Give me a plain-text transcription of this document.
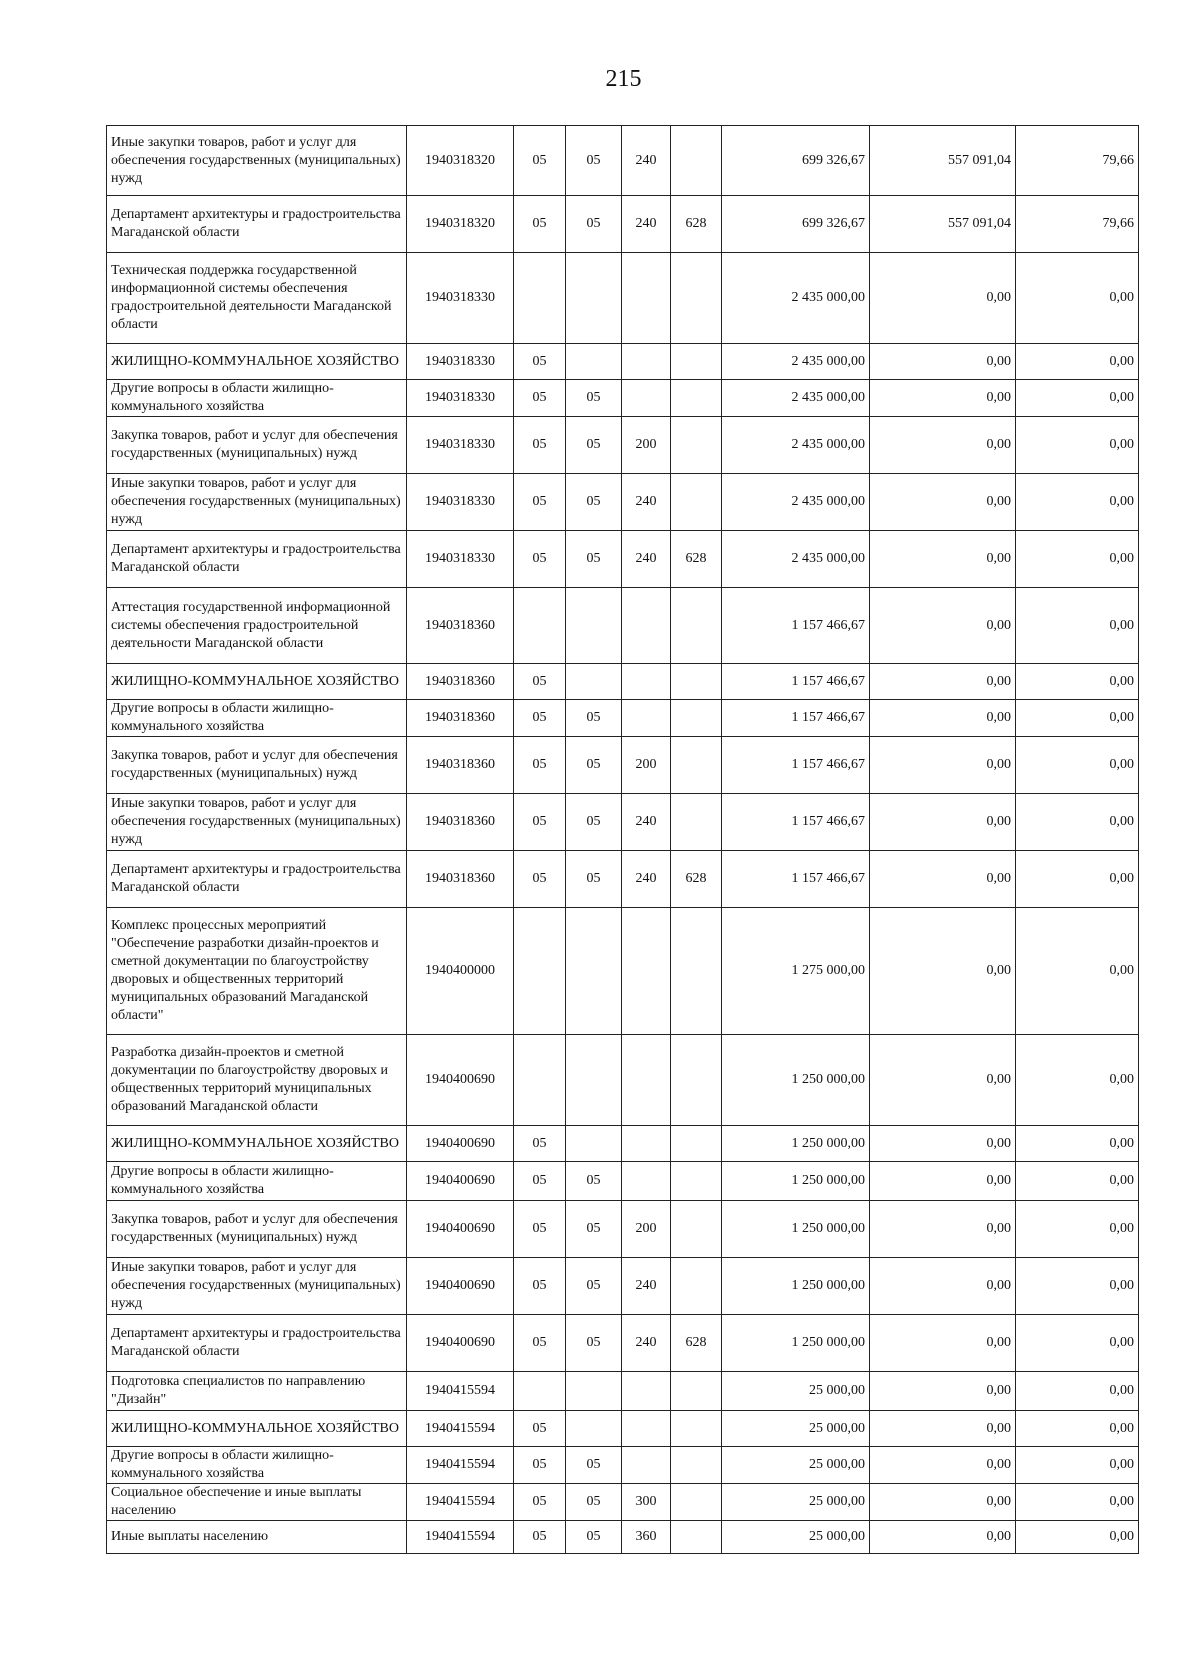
215
Иные закупки товаров, работ и услуг для обеспечения государственных (муниципальных) нужд	1940318320	05	05	240		699 326,67	557 091,04	79,66
Департамент архитектуры и градостроительства Магаданской области	1940318320	05	05	240	628	699 326,67	557 091,04	79,66
Техническая поддержка государственной информационной системы обеспечения градостроительной деятельности Магаданской области	1940318330					2 435 000,00	0,00	0,00
ЖИЛИЩНО-КОММУНАЛЬНОЕ ХОЗЯЙСТВО	1940318330	05				2 435 000,00	0,00	0,00
Другие вопросы в области жилищно-коммунального хозяйства	1940318330	05	05			2 435 000,00	0,00	0,00
Закупка товаров, работ и услуг для обеспечения государственных (муниципальных) нужд	1940318330	05	05	200		2 435 000,00	0,00	0,00
Иные закупки товаров, работ и услуг для обеспечения государственных (муниципальных) нужд	1940318330	05	05	240		2 435 000,00	0,00	0,00
Департамент архитектуры и градостроительства Магаданской области	1940318330	05	05	240	628	2 435 000,00	0,00	0,00
Аттестация государственной информационной системы обеспечения градостроительной деятельности Магаданской области	1940318360					1 157 466,67	0,00	0,00
ЖИЛИЩНО-КОММУНАЛЬНОЕ ХОЗЯЙСТВО	1940318360	05				1 157 466,67	0,00	0,00
Другие вопросы в области жилищно-коммунального хозяйства	1940318360	05	05			1 157 466,67	0,00	0,00
Закупка товаров, работ и услуг для обеспечения государственных (муниципальных) нужд	1940318360	05	05	200		1 157 466,67	0,00	0,00
Иные закупки товаров, работ и услуг для обеспечения государственных (муниципальных) нужд	1940318360	05	05	240		1 157 466,67	0,00	0,00
Департамент архитектуры и градостроительства Магаданской области	1940318360	05	05	240	628	1 157 466,67	0,00	0,00
Комплекс процессных мероприятий "Обеспечение разработки дизайн-проектов и сметной документации по благоустройству дворовых и общественных территорий муниципальных образований Магаданской области"	1940400000					1 275 000,00	0,00	0,00
Разработка дизайн-проектов и сметной документации по благоустройству дворовых и общественных территорий муниципальных образований Магаданской области	1940400690					1 250 000,00	0,00	0,00
ЖИЛИЩНО-КОММУНАЛЬНОЕ ХОЗЯЙСТВО	1940400690	05				1 250 000,00	0,00	0,00
Другие вопросы в области жилищно-коммунального хозяйства	1940400690	05	05			1 250 000,00	0,00	0,00
Закупка товаров, работ и услуг для обеспечения государственных (муниципальных) нужд	1940400690	05	05	200		1 250 000,00	0,00	0,00
Иные закупки товаров, работ и услуг для обеспечения государственных (муниципальных) нужд	1940400690	05	05	240		1 250 000,00	0,00	0,00
Департамент архитектуры и градостроительства Магаданской области	1940400690	05	05	240	628	1 250 000,00	0,00	0,00
Подготовка специалистов по направлению "Дизайн"	1940415594					25 000,00	0,00	0,00
ЖИЛИЩНО-КОММУНАЛЬНОЕ ХОЗЯЙСТВО	1940415594	05				25 000,00	0,00	0,00
Другие вопросы в области жилищно-коммунального хозяйства	1940415594	05	05			25 000,00	0,00	0,00
Социальное обеспечение и иные выплаты населению	1940415594	05	05	300		25 000,00	0,00	0,00
Иные выплаты населению	1940415594	05	05	360		25 000,00	0,00	0,00
